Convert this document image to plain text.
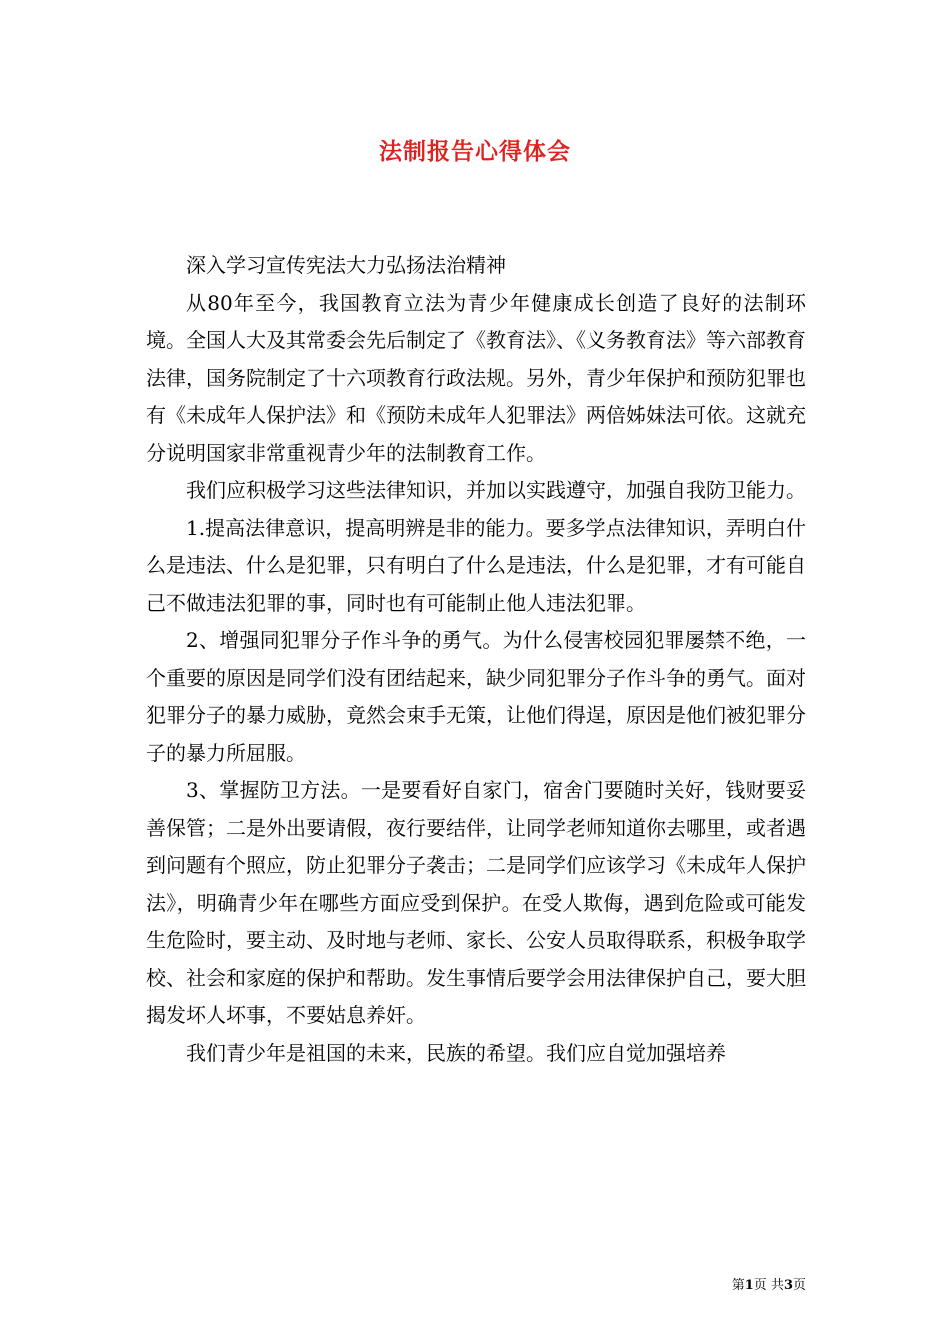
法制报告心得体会

深入学习宣传宪法大力弘扬法治精神

从80年至今，我国教育立法为青少年健康成长创造了良好的法制环境。全国人大及其常委会先后制定了《教育法》、《义务教育法》等六部教育法律，国务院制定了十六项教育行政法规。另外，青少年保护和预防犯罪也有《未成年人保护法》和《预防未成年人犯罪法》两倍姊妹法可依。这就充分说明国家非常重视青少年的法制教育工作。

我们应积极学习这些法律知识，并加以实践遵守，加强自我防卫能力。

1.提高法律意识，提高明辨是非的能力。要多学点法律知识，弄明白什么是违法、什么是犯罪，只有明白了什么是违法，什么是犯罪，才有可能自己不做违法犯罪的事，同时也有可能制止他人违法犯罪。

2、增强同犯罪分子作斗争的勇气。为什么侵害校园犯罪屡禁不绝，一个重要的原因是同学们没有团结起来，缺少同犯罪分子作斗争的勇气。面对犯罪分子的暴力威胁，竟然会束手无策，让他们得逞，原因是他们被犯罪分子的暴力所屈服。

3、掌握防卫方法。一是要看好自家门，宿舍门要随时关好，钱财要妥善保管；二是外出要请假，夜行要结伴，让同学老师知道你去哪里，或者遇到问题有个照应，防止犯罪分子袭击；二是同学们应该学习《未成年人保护法》，明确青少年在哪些方面应受到保护。在受人欺侮，遇到危险或可能发生危险时，要主动、及时地与老师、家长、公安人员取得联系，积极争取学校、社会和家庭的保护和帮助。发生事情后要学会用法律保护自己，要大胆揭发坏人坏事，不要姑息养奸。

我们青少年是祖国的未来，民族的希望。我们应自觉加强培养

第1页 共3页
